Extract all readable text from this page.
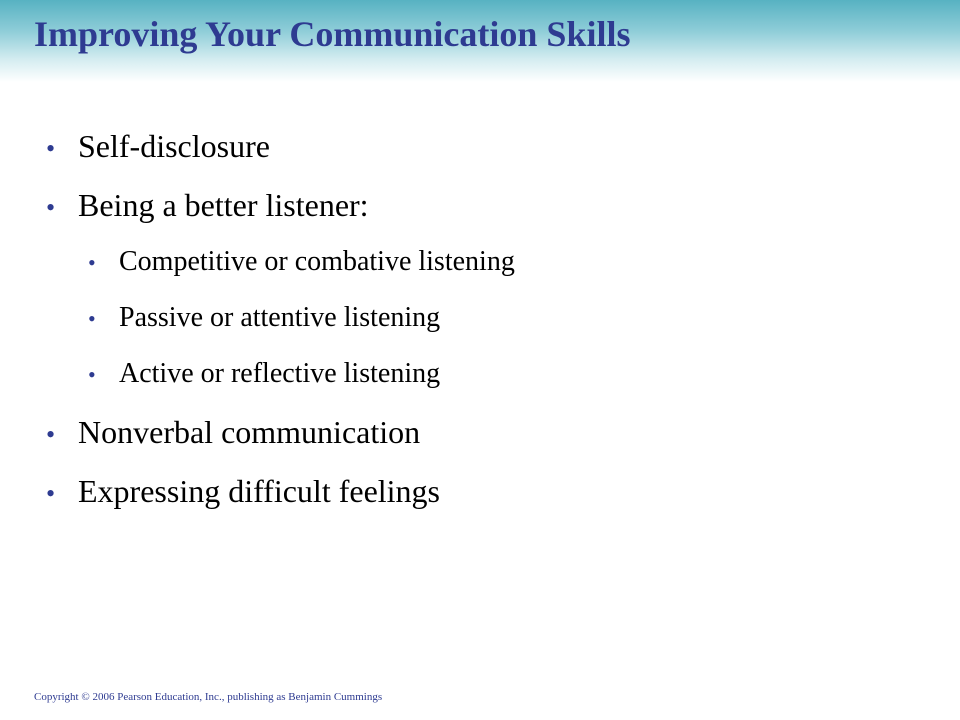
Improving Your Communication Skills
• Self-disclosure
• Being a better listener:
• Competitive or combative listening
• Passive or attentive listening
• Active or reflective listening
• Nonverbal communication
• Expressing difficult feelings
Copyright © 2006 Pearson Education, Inc., publishing as Benjamin Cummings
